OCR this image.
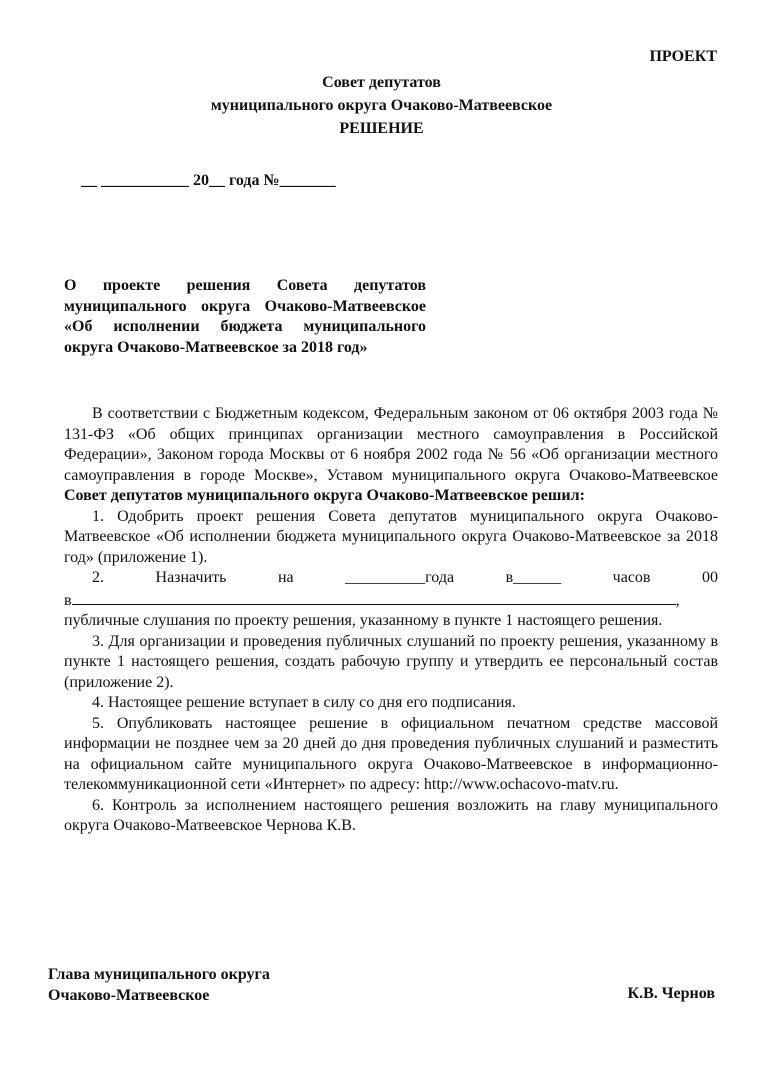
ПРОЕКТ

Совет депутатов

муниципального округа Очаково-Матвеевское

РЕШЕНИЕ

__ ___________ 20__ года №_______

О проекте решения Совета депутатов муниципального округа Очаково-Матвеевское «Об исполнении бюджета муниципального округа Очаково-Матвеевское за 2018 год»

В соответствии с Бюджетным кодексом, Федеральным законом от 06 октября 2003 года № 131-ФЗ «Об общих принципах организации местного самоуправления в Российской Федерации», Законом города Москвы от 6 ноября 2002 года № 56 «Об организации местного самоуправления в городе Москве», Уставом муниципального округа Очаково-Матвеевское Совет депутатов муниципального округа Очаково-Матвеевское решил:

1. Одобрить проект решения Совета депутатов муниципального округа Очаково-Матвеевское «Об исполнении бюджета муниципального округа Очаково-Матвеевское за 2018 год» (приложение 1).

2.	Назначить	на	__________года	в______	часов	00

в	,

публичные слушания по проекту решения, указанному в пункте 1 настоящего решения.

3. Для организации и проведения публичных слушаний по проекту решения, указанному в пункте 1 настоящего решения, создать рабочую группу и утвердить ее персональный состав (приложение 2).

4. Настоящее решение вступает в силу со дня его подписания.

5. Опубликовать настоящее решение в официальном печатном средстве массовой информации не позднее чем за 20 дней до дня проведения публичных слушаний и разместить на официальном сайте муниципального округа Очаково-Матвеевское в информационно-телекоммуникационной сети «Интернет» по адресу: http://www.ochacovo-matv.ru.

6. Контроль за исполнением настоящего решения возложить на главу муниципального округа Очаково-Матвеевское Чернова К.В.

Глава муниципального округа
Очаково-Матвеевское	К.В. Чернов
